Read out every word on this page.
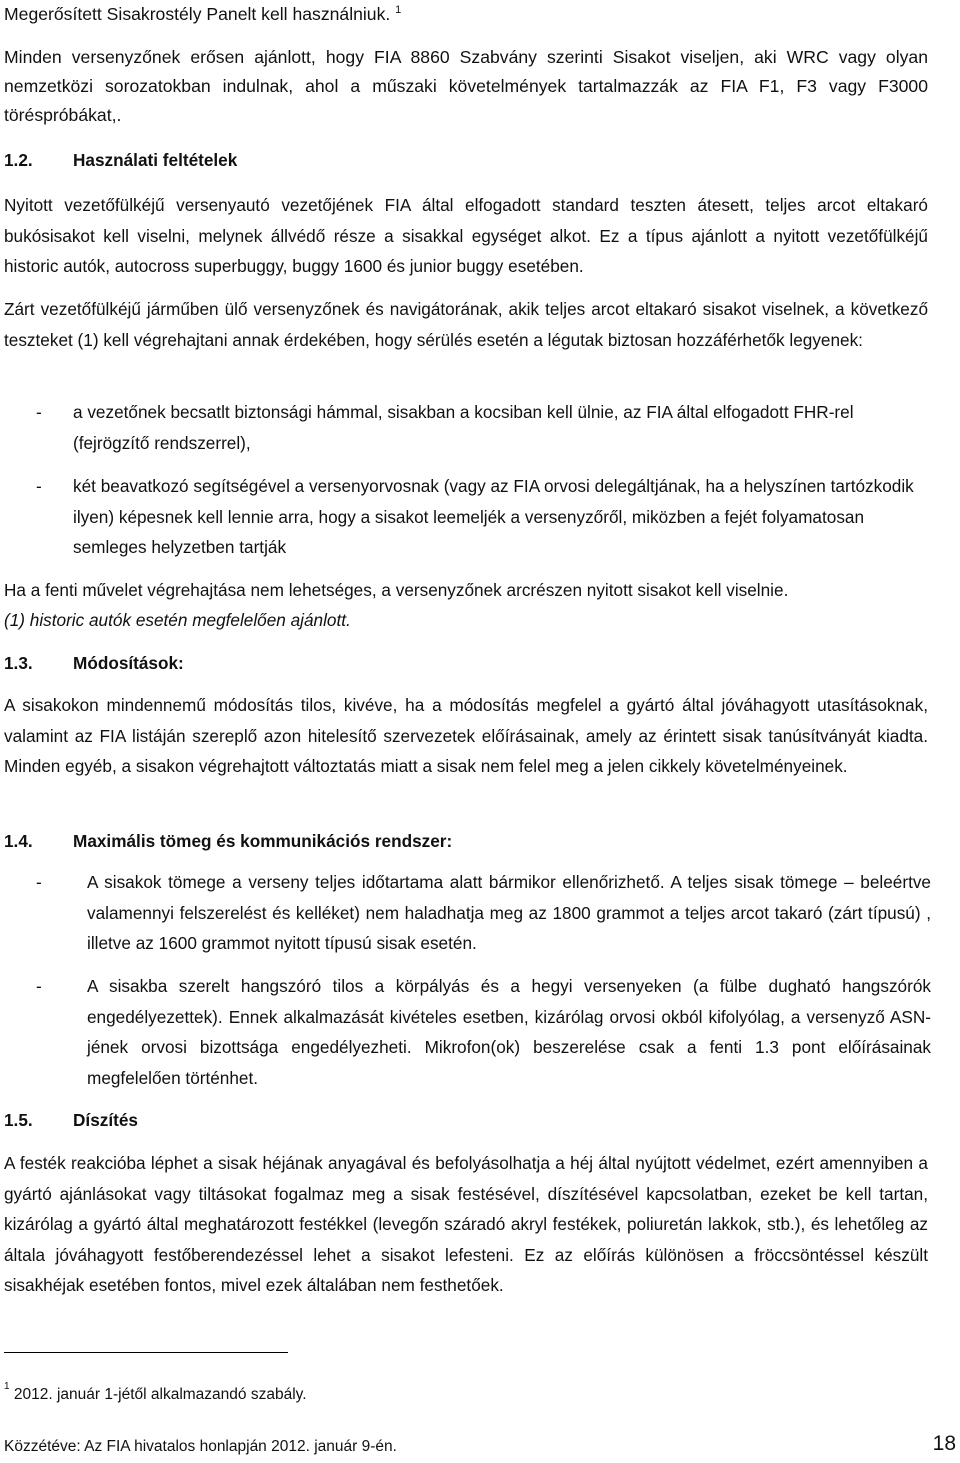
Megerősített Sisakrostély Panelt kell használniuk. $^1$

Minden versenyzőnek erősen ajánlott, hogy FIA 8860 Szabvány szerinti Sisakot viseljen, aki WRC vagy olyan nemzetközi sorozatokban indulnak, ahol a műszaki követelmények tartalmazzák az FIA F1, F3 vagy F3000 töréspróbákat,.

1.2. Használati feltételek

Nyitott vezetőfülkéjű versenyautó vezetőjének FIA által elfogadott standard teszten átesett, teljes arcot eltakaró bukósisakot kell viselni, melynek állvédő része a sisakkal egységet alkot. Ez a típus ajánlott a nyitott vezetőfülkéjű historic autók, autocross superbuggy, buggy 1600 és junior buggy esetében.

Zárt vezetőfülkéjű járműben ülő versenyzőnek és navigátorának, akik teljes arcot eltakaró sisakot viselnek, a következő teszteket (1) kell végrehajtani annak érdekében, hogy sérülés esetén a légutak biztosan hozzáférhetők legyenek:

- a vezetőnek becsatlt biztonsági hámmal, sisakban a kocsiban kell ülnie, az FIA által elfogadott FHR-rel (fejrögzítő rendszerrel),

- két beavatkozó segítségével a versenyorvosnak (vagy az FIA orvosi delegáltjának, ha a helyszínen tartózkodik ilyen) képesnek kell lennie arra, hogy a sisakot leemeljék a versenyzőről, miközben a fejét folyamatosan semleges helyzetben tartják

Ha a fenti művelet végrehajtása nem lehetséges, a versenyzőnek arcrészen nyitott sisakot kell viselnie.

(1) historic autók esetén megfelelően ajánlott.

1.3. Módosítások:

A sisakokon mindennemű módosítás tilos, kivéve, ha a módosítás megfelel a gyártó által jóváhagyott utasításoknak, valamint az FIA listáján szereplő azon hitelesítő szervezetek előírásainak, amely az érintett sisak tanúsítványát kiadta. Minden egyéb, a sisakon végrehajtott változtatás miatt a sisak nem felel meg a jelen cikkely követelményeinek.

1.4. Maximális tömeg és kommunikációs rendszer:

-	A sisakok tömege a verseny teljes időtartama alatt bármikor ellenőrizhető. A teljes sisak tömege – beleértve valamennyi felszerelést és kelléket) nem haladhatja meg az 1800 grammot a teljes arcot takaró (zárt típusú) , illetve az 1600 grammot nyitott típusú sisak esetén.

-	A sisakba szerelt hangszóró tilos a körpályás és a hegyi versenyeken (a fülbe dugható hangszórók engedélyezettek). Ennek alkalmazását kivételes esetben, kizárólag orvosi okból kifolyólag, a versenyző ASN-jének orvosi bizottsága engedélyezheti. Mikrofon(ok) beszerelése csak a fenti 1.3 pont előírásainak megfelelően történhet.

1.5. Díszítés

A festék reakcióba léphet a sisak héjának anyagával és befolyásolhatja a héj által nyújtott védelmet, ezért amennyiben a gyártó ajánlásokat vagy tiltásokat fogalmaz meg a sisak festésével, díszítésével kapcsolatban, ezeket be kell tartan, kizárólag a gyártó által meghatározott festékkel (levegőn száradó akryl festékek, poliuretán lakkok, stb.), és lehetőleg az általa jóváhagyott festőberendezéssel lehet a sisakot lefesteni. Ez az előírás különösen a fröccsöntéssel készült sisakhéjak esetében fontos, mivel ezek általában nem festhetőek.

$^1$ 2012. január 1-jétől alkalmazandó szabály.
Közzétéve: Az FIA hivatalos honlapján 2012. január 9-én.	18
